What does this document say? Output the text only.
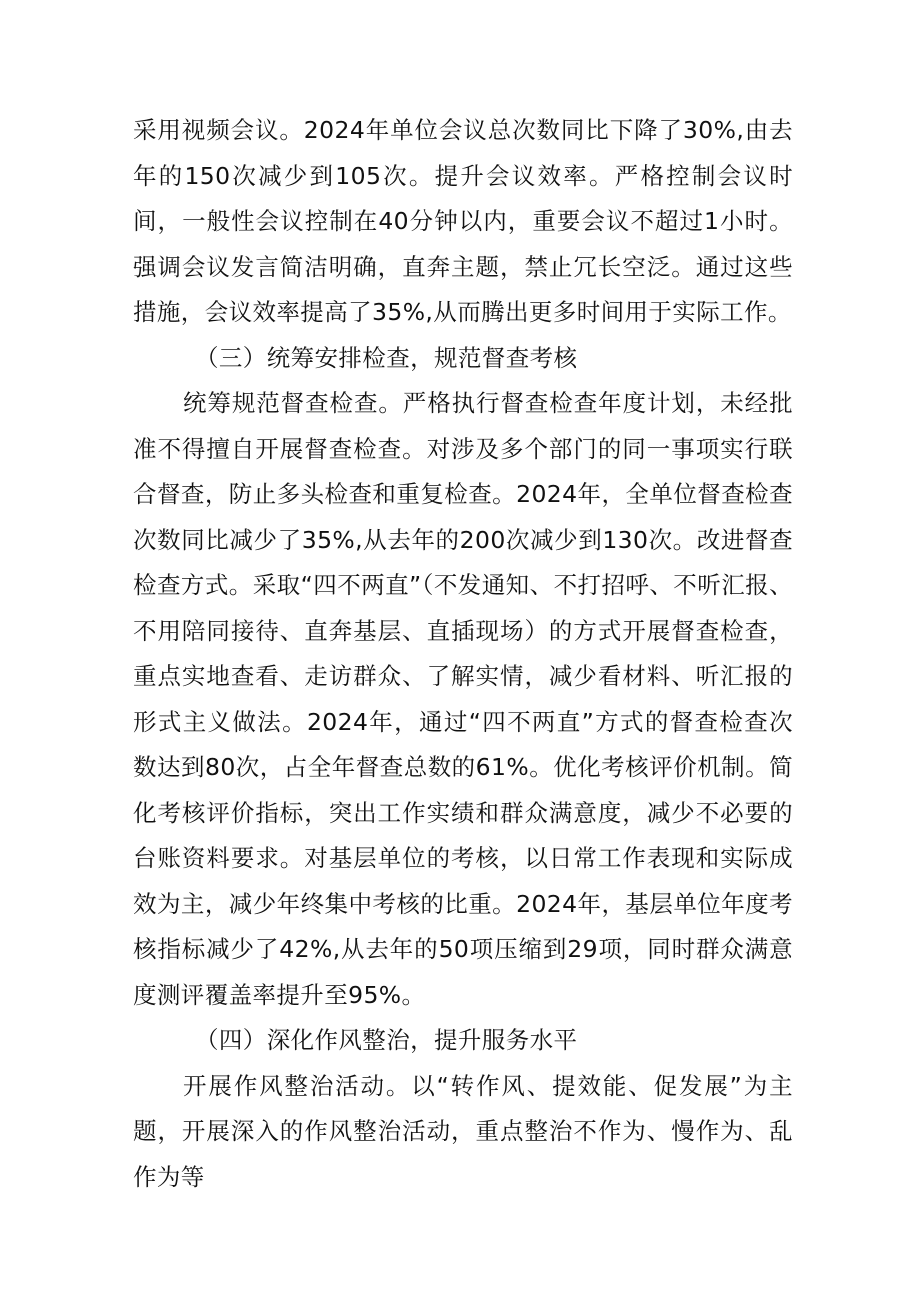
采用视频会议。2024年单位会议总次数同比下降了30%,由去年的150次减少到105次。提升会议效率。严格控制会议时间，一般性会议控制在40分钟以内，重要会议不超过1小时。强调会议发言简洁明确，直奔主题，禁止冗长空泛。通过这些措施，会议效率提高了35%,从而腾出更多时间用于实际工作。

（三）统筹安排检查，规范督查考核

统筹规范督查检查。严格执行督查检查年度计划，未经批准不得擅自开展督查检查。对涉及多个部门的同一事项实行联合督查，防止多头检查和重复检查。2024年，全单位督查检查次数同比减少了35%,从去年的200次减少到130次。改进督查检查方式。采取“四不两直”（不发通知、不打招呼、不听汇报、不用陪同接待、直奔基层、直插现场）的方式开展督查检查，重点实地查看、走访群众、了解实情，减少看材料、听汇报的形式主义做法。2024年，通过“四不两直”方式的督查检查次数达到80次，占全年督查总数的61%。优化考核评价机制。简化考核评价指标，突出工作实绩和群众满意度，减少不必要的台账资料要求。对基层单位的考核，以日常工作表现和实际成效为主，减少年终集中考核的比重。2024年，基层单位年度考核指标减少了42%,从去年的50项压缩到29项，同时群众满意度测评覆盖率提升至95%。

（四）深化作风整治，提升服务水平

开展作风整治活动。以“转作风、提效能、促发展”为主题，开展深入的作风整治活动，重点整治不作为、慢作为、乱作为等
